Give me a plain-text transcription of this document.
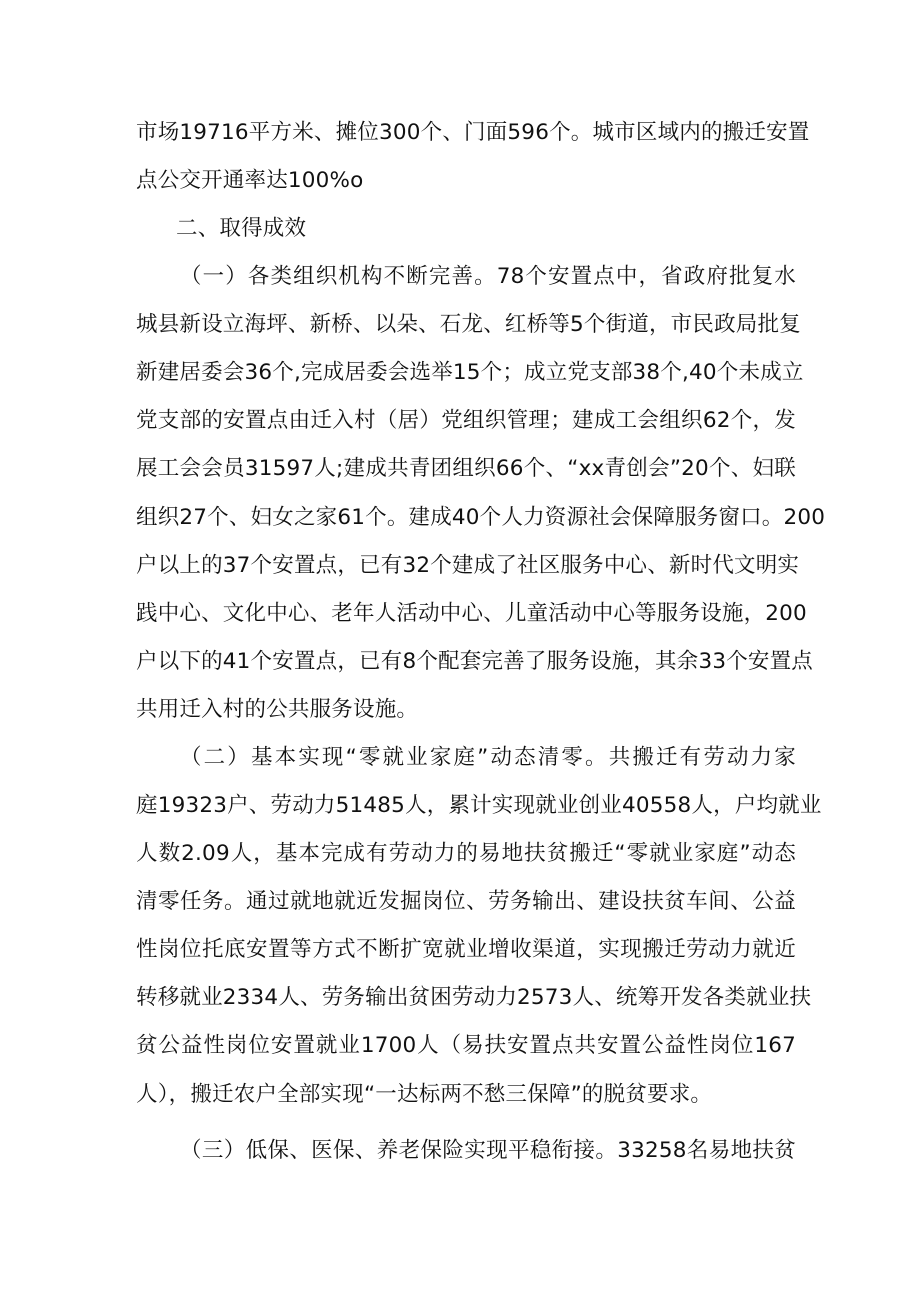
市场19716平方米、摊位300个、门面596个。城市区域内的搬迁安置
点公交开通率达100%o
二、取得成效
（一）各类组织机构不断完善。78个安置点中，省政府批复水
城县新设立海坪、新桥、以朵、石龙、红桥等5个街道，市民政局批复
新建居委会36个,完成居委会选举15个；成立党支部38个,40个未成立
党支部的安置点由迁入村（居）党组织管理；建成工会组织62个，发
展工会会员31597人;建成共青团组织66个、“xx青创会”20个、妇联
组织27个、妇女之家61个。建成40个人力资源社会保障服务窗口。200
户以上的37个安置点，已有32个建成了社区服务中心、新时代文明实
践中心、文化中心、老年人活动中心、儿童活动中心等服务设施，200
户以下的41个安置点，已有8个配套完善了服务设施，其余33个安置点
共用迁入村的公共服务设施。
（二）基本实现“零就业家庭”动态清零。共搬迁有劳动力家
庭19323户、劳动力51485人，累计实现就业创业40558人，户均就业
人数2.09人，基本完成有劳动力的易地扶贫搬迁“零就业家庭”动态
清零任务。通过就地就近发掘岗位、劳务输出、建设扶贫车间、公益
性岗位托底安置等方式不断扩宽就业增收渠道，实现搬迁劳动力就近
转移就业2334人、劳务输出贫困劳动力2573人、统筹开发各类就业扶
贫公益性岗位安置就业1700人（易扶安置点共安置公益性岗位167
人），搬迁农户全部实现“一达标两不愁三保障”的脱贫要求。
（三）低保、医保、养老保险实现平稳衔接。33258名易地扶贫
